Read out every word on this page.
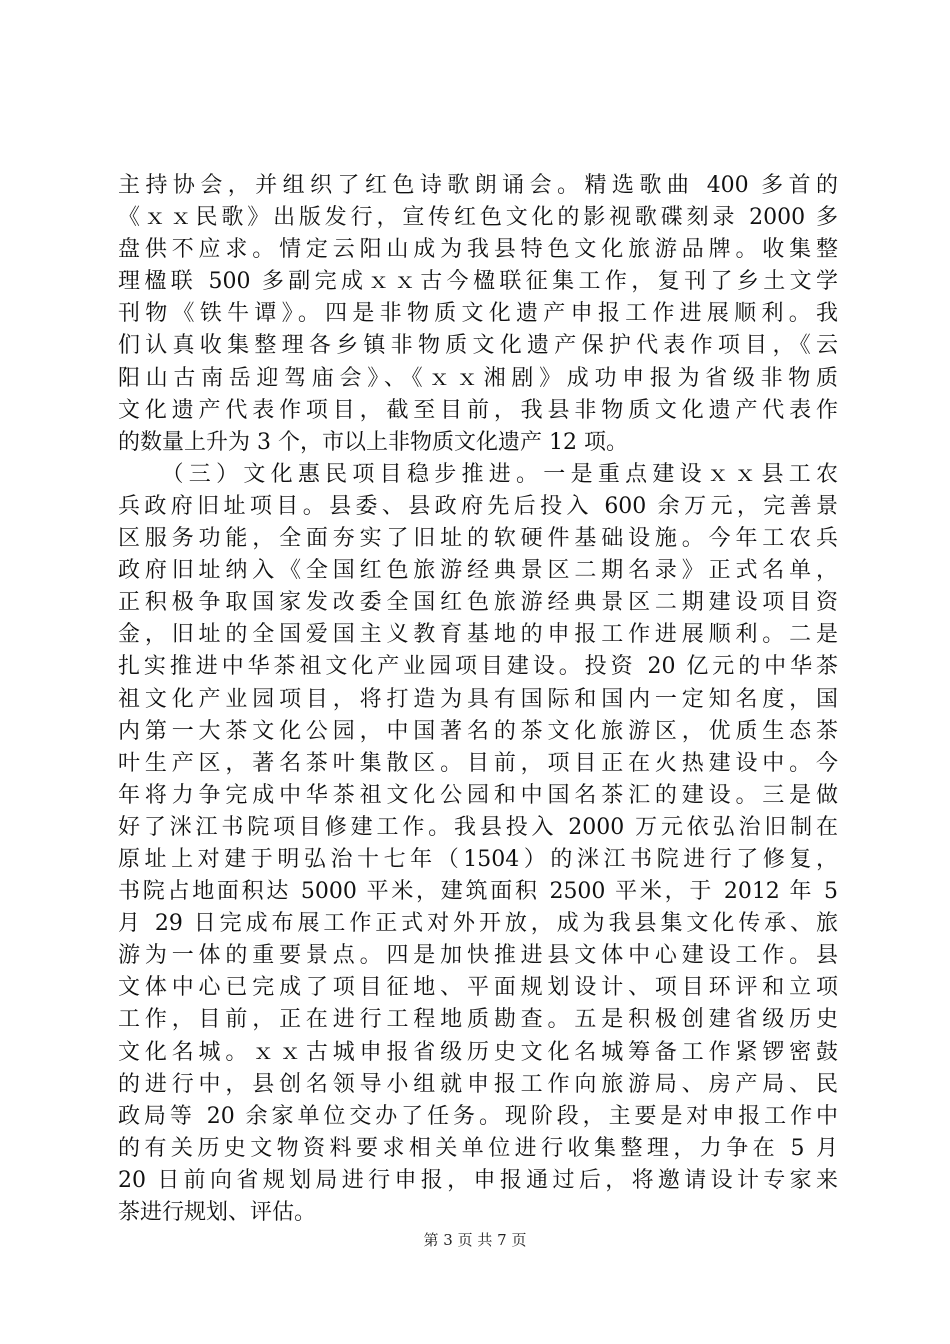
主持协会，并组织了红色诗歌朗诵会。精选歌曲 400 多首的
《ｘｘ民歌》出版发行，宣传红色文化的影视歌碟刻录 2000 多
盘供不应求。情定云阳山成为我县特色文化旅游品牌。收集整
理楹联 500 多副完成ｘｘ古今楹联征集工作，复刊了乡土文学
刊物《铁牛谭》。四是非物质文化遗产申报工作进展顺利。我
们认真收集整理各乡镇非物质文化遗产保护代表作项目，《云
阳山古南岳迎驾庙会》、《ｘｘ湘剧》成功申报为省级非物质
文化遗产代表作项目，截至目前，我县非物质文化遗产代表作
的数量上升为 3 个，市以上非物质文化遗产 12 项。
　　（三）文化惠民项目稳步推进。一是重点建设ｘｘ县工农
兵政府旧址项目。县委、县政府先后投入 600 余万元，完善景
区服务功能，全面夯实了旧址的软硬件基础设施。今年工农兵
政府旧址纳入《全国红色旅游经典景区二期名录》正式名单，
正积极争取国家发改委全国红色旅游经典景区二期建设项目资
金，旧址的全国爱国主义教育基地的申报工作进展顺利。二是
扎实推进中华茶祖文化产业园项目建设。投资 20 亿元的中华茶
祖文化产业园项目，将打造为具有国际和国内一定知名度，国
内第一大茶文化公园，中国著名的茶文化旅游区，优质生态茶
叶生产区，著名茶叶集散区。目前，项目正在火热建设中。今
年将力争完成中华茶祖文化公园和中国名茶汇的建设。三是做
好了洣江书院项目修建工作。我县投入 2000 万元依弘治旧制在
原址上对建于明弘治十七年（1504）的洣江书院进行了修复，
书院占地面积达 5000 平米，建筑面积 2500 平米，于 2012 年 5
月 29 日完成布展工作正式对外开放，成为我县集文化传承、旅
游为一体的重要景点。四是加快推进县文体中心建设工作。县
文体中心已完成了项目征地、平面规划设计、项目环评和立项
工作，目前，正在进行工程地质勘查。五是积极创建省级历史
文化名城。ｘｘ古城申报省级历史文化名城筹备工作紧锣密鼓
的进行中，县创名领导小组就申报工作向旅游局、房产局、民
政局等 20 余家单位交办了任务。现阶段，主要是对申报工作中
的有关历史文物资料要求相关单位进行收集整理，力争在 5 月
20 日前向省规划局进行申报，申报通过后，将邀请设计专家来
茶进行规划、评估。
第 3 页 共 7 页
